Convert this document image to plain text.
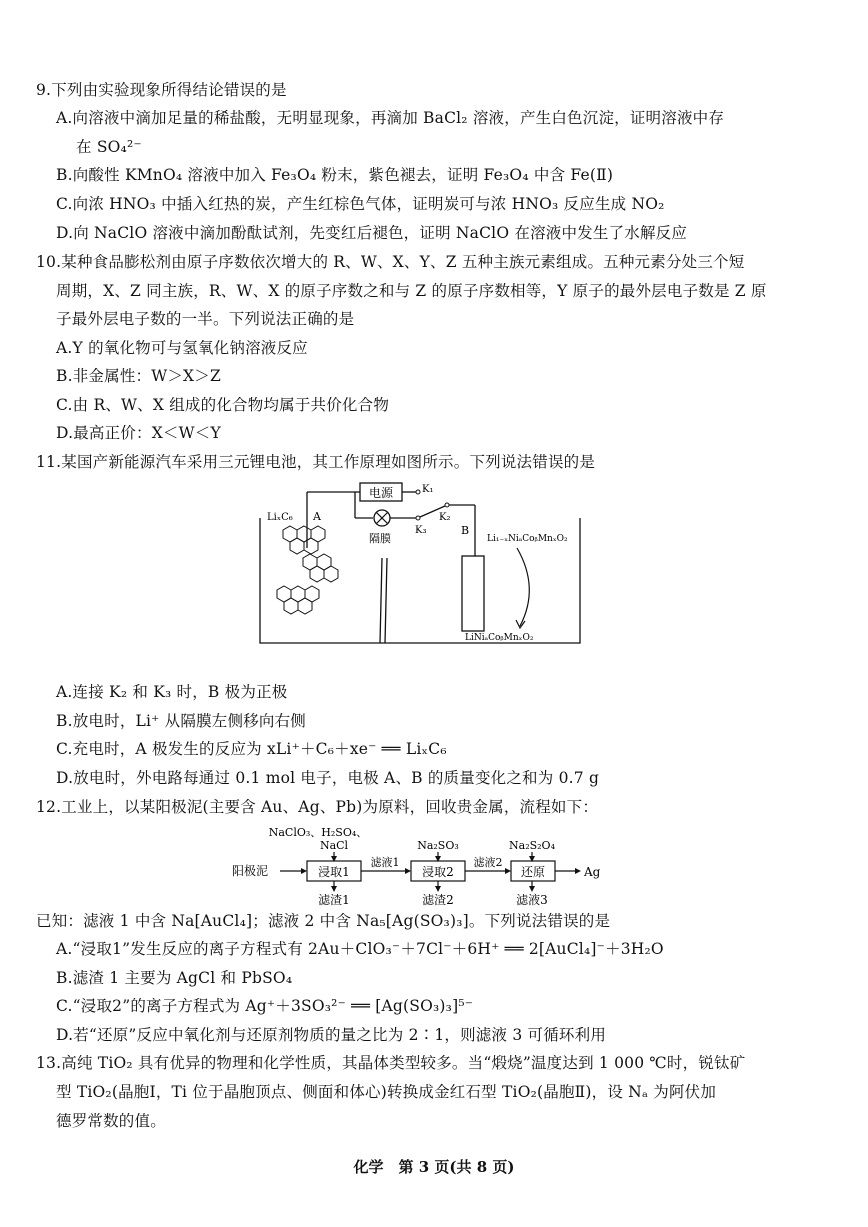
9.下列由实验现象所得结论错误的是
A.向溶液中滴加足量的稀盐酸，无明显现象，再滴加 BaCl₂ 溶液，产生白色沉淀，证明溶液中存
在 SO₄²⁻
B.向酸性 KMnO₄ 溶液中加入 Fe₃O₄ 粉末，紫色褪去，证明 Fe₃O₄ 中含 Fe(Ⅱ)
C.向浓 HNO₃ 中插入红热的炭，产生红棕色气体，证明炭可与浓 HNO₃ 反应生成 NO₂
D.向 NaClO 溶液中滴加酚酞试剂，先变红后褪色，证明 NaClO 在溶液中发生了水解反应
10.某种食品膨松剂由原子序数依次增大的 R、W、X、Y、Z 五种主族元素组成。五种元素分处三个短
周期，X、Z 同主族，R、W、X 的原子序数之和与 Z 的原子序数相等，Y 原子的最外层电子数是 Z 原
子最外层电子数的一半。下列说法正确的是
A.Y 的氧化物可与氢氧化钠溶液反应
B.非金属性：W＞X＞Z
C.由 R、W、X 组成的化合物均属于共价化合物
D.最高正价：X＜W＜Y
11.某国产新能源汽车采用三元锂电池，其工作原理如图所示。下列说法错误的是
电源	K₁
K₃
K₂
A
B
LiₓC₆
隔膜	Li₁₋ₓNiₐCoᵦMnₓO₂
LiNiₐCoᵦMnₓO₂
A.连接 K₂ 和 K₃ 时，B 极为正极
B.放电时，Li⁺ 从隔膜左侧移向右侧
C.充电时，A 极发生的反应为 xLi⁺＋C₆＋xe⁻ ══ LiₓC₆
D.放电时，外电路每通过 0.1 mol 电子，电极 A、B 的质量变化之和为 0.7 g
12.工业上，以某阳极泥(主要含 Au、Ag、Pb)为原料，回收贵金属，流程如下：
NaClO₃、H₂SO₄、
NaCl	Na₂SO₃	Na₂S₂O₄
阳极泥	浸取1	浸取2	还原
滤液1	滤液2
Ag
滤渣1	滤渣2	滤液3
已知：滤液 1 中含 Na[AuCl₄]；滤液 2 中含 Na₅[Ag(SO₃)₃]。下列说法错误的是
A.“浸取1”发生反应的离子方程式有 2Au＋ClO₃⁻＋7Cl⁻＋6H⁺ ══ 2[AuCl₄]⁻＋3H₂O
B.滤渣 1 主要为 AgCl 和 PbSO₄
C.“浸取2”的离子方程式为 Ag⁺＋3SO₃²⁻ ══ [Ag(SO₃)₃]⁵⁻
D.若“还原”反应中氧化剂与还原剂物质的量之比为 2∶1，则滤液 3 可循环利用
13.高纯 TiO₂ 具有优异的物理和化学性质，其晶体类型较多。当“煅烧”温度达到 1 000 ℃时，锐钛矿
型 TiO₂(晶胞Ⅰ，Ti 位于晶胞顶点、侧面和体心)转换成金红石型 TiO₂(晶胞Ⅱ)，设 Nₐ 为阿伏加
德罗常数的值。
化学　第 3 页(共 8 页)
